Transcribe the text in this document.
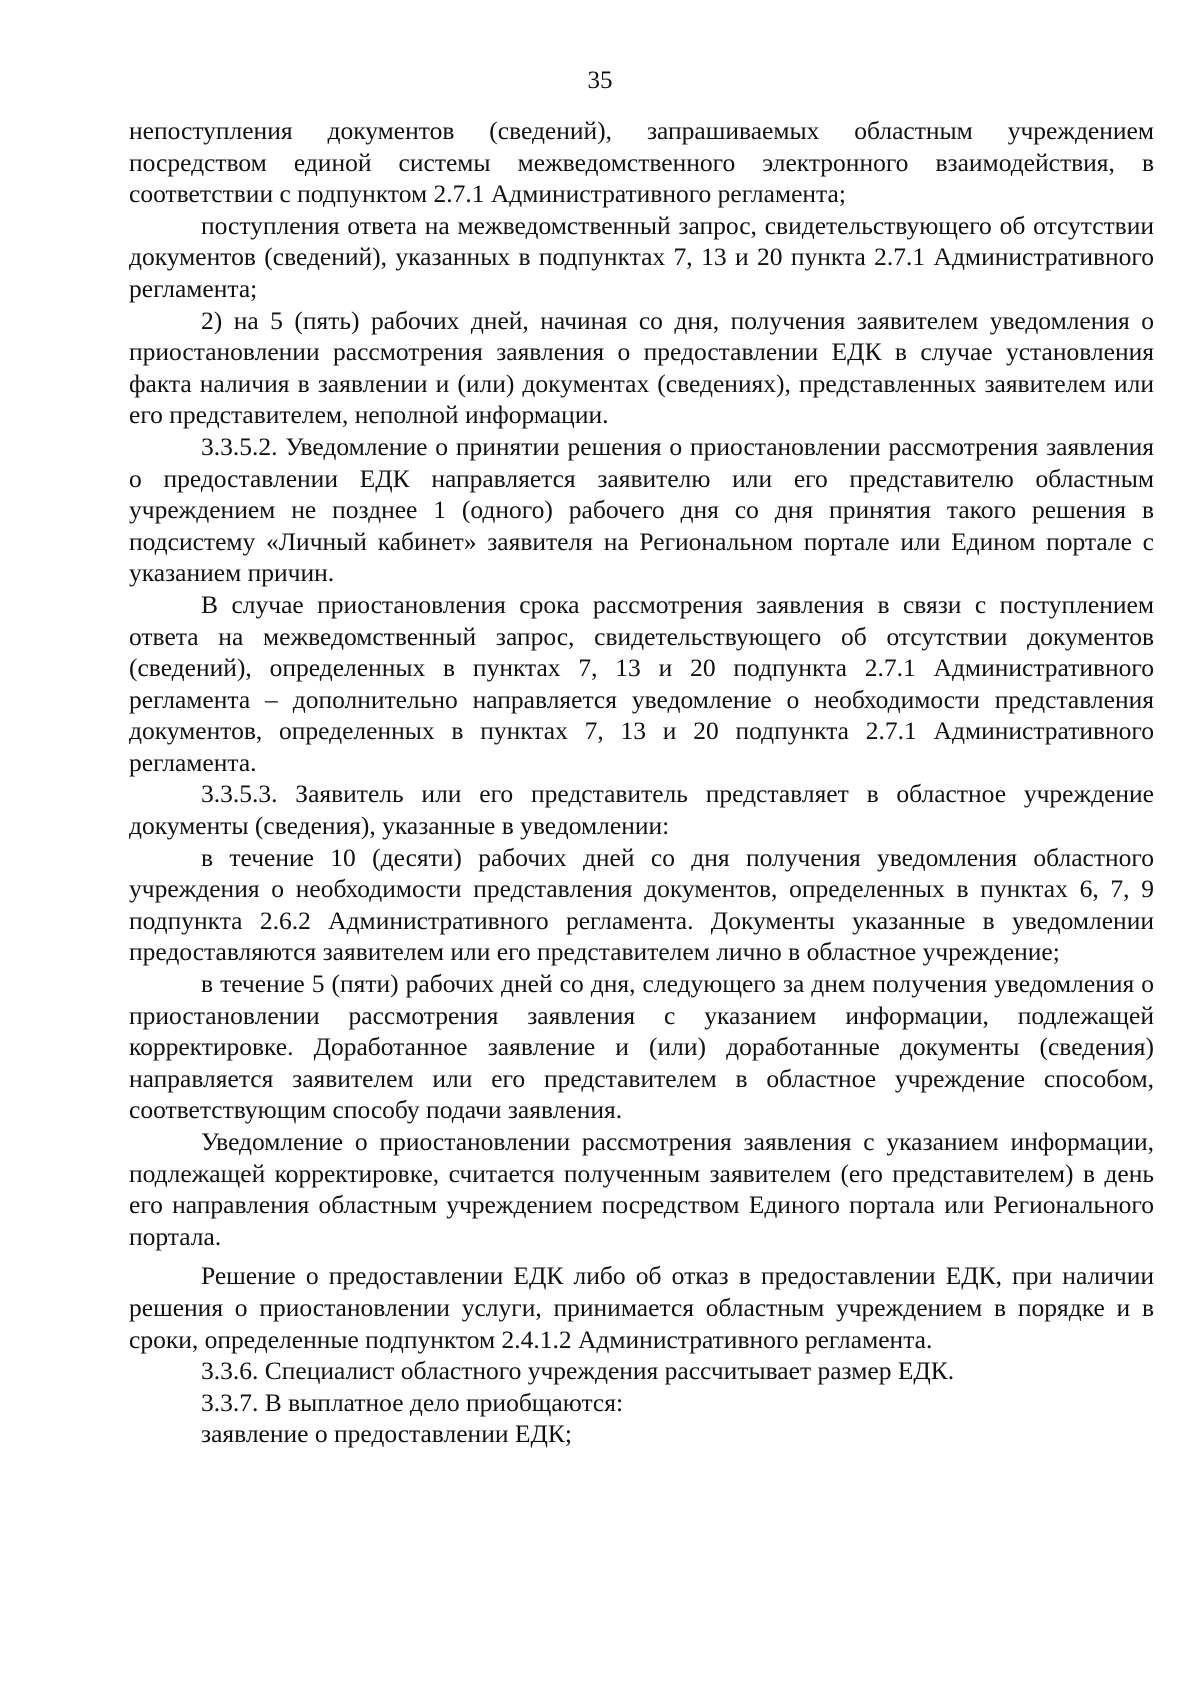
35

непоступления документов (сведений), запрашиваемых областным учреждением посредством единой системы межведомственного электронного взаимодействия, в соответствии с подпунктом 2.7.1 Административного регламента;

поступления ответа на межведомственный запрос, свидетельствующего об отсутствии документов (сведений), указанных в подпунктах 7, 13 и 20 пункта 2.7.1 Административного регламента;

2) на 5 (пять) рабочих дней, начиная со дня, получения заявителем уведомления о приостановлении рассмотрения заявления о предоставлении ЕДК в случае установления факта наличия в заявлении и (или) документах (сведениях), представленных заявителем или его представителем, неполной информации.

3.3.5.2. Уведомление о принятии решения о приостановлении рассмотрения заявления о предоставлении ЕДК направляется заявителю или его представителю областным учреждением не позднее 1 (одного) рабочего дня со дня принятия такого решения в подсистему «Личный кабинет» заявителя на Региональном портале или Едином портале с указанием причин.

В случае приостановления срока рассмотрения заявления в связи с поступлением ответа на межведомственный запрос, свидетельствующего об отсутствии документов (сведений), определенных в пунктах 7, 13 и 20 подпункта 2.7.1 Административного регламента – дополнительно направляется уведомление о необходимости представления документов, определенных в пунктах 7, 13 и 20 подпункта 2.7.1 Административного регламента.

3.3.5.3. Заявитель или его представитель представляет в областное учреждение документы (сведения), указанные в уведомлении:

в течение 10 (десяти) рабочих дней со дня получения уведомления областного учреждения о необходимости представления документов, определенных в пунктах 6, 7, 9 подпункта 2.6.2 Административного регламента. Документы указанные в уведомлении предоставляются заявителем или его представителем лично в областное учреждение;

в течение 5 (пяти) рабочих дней со дня, следующего за днем получения уведомления о приостановлении рассмотрения заявления с указанием информации, подлежащей корректировке. Доработанное заявление и (или) доработанные документы (сведения) направляется заявителем или его представителем в областное учреждение способом, соответствующим способу подачи заявления.

Уведомление о приостановлении рассмотрения заявления с указанием информации, подлежащей корректировке, считается полученным заявителем (его представителем) в день его направления областным учреждением посредством Единого портала или Регионального портала.

Решение о предоставлении ЕДК либо об отказ в предоставлении ЕДК, при наличии решения о приостановлении услуги, принимается областным учреждением в порядке и в сроки, определенные подпунктом 2.4.1.2 Административного регламента.

3.3.6. Специалист областного учреждения рассчитывает размер ЕДК.

3.3.7. В выплатное дело приобщаются:

заявление о предоставлении ЕДК;
